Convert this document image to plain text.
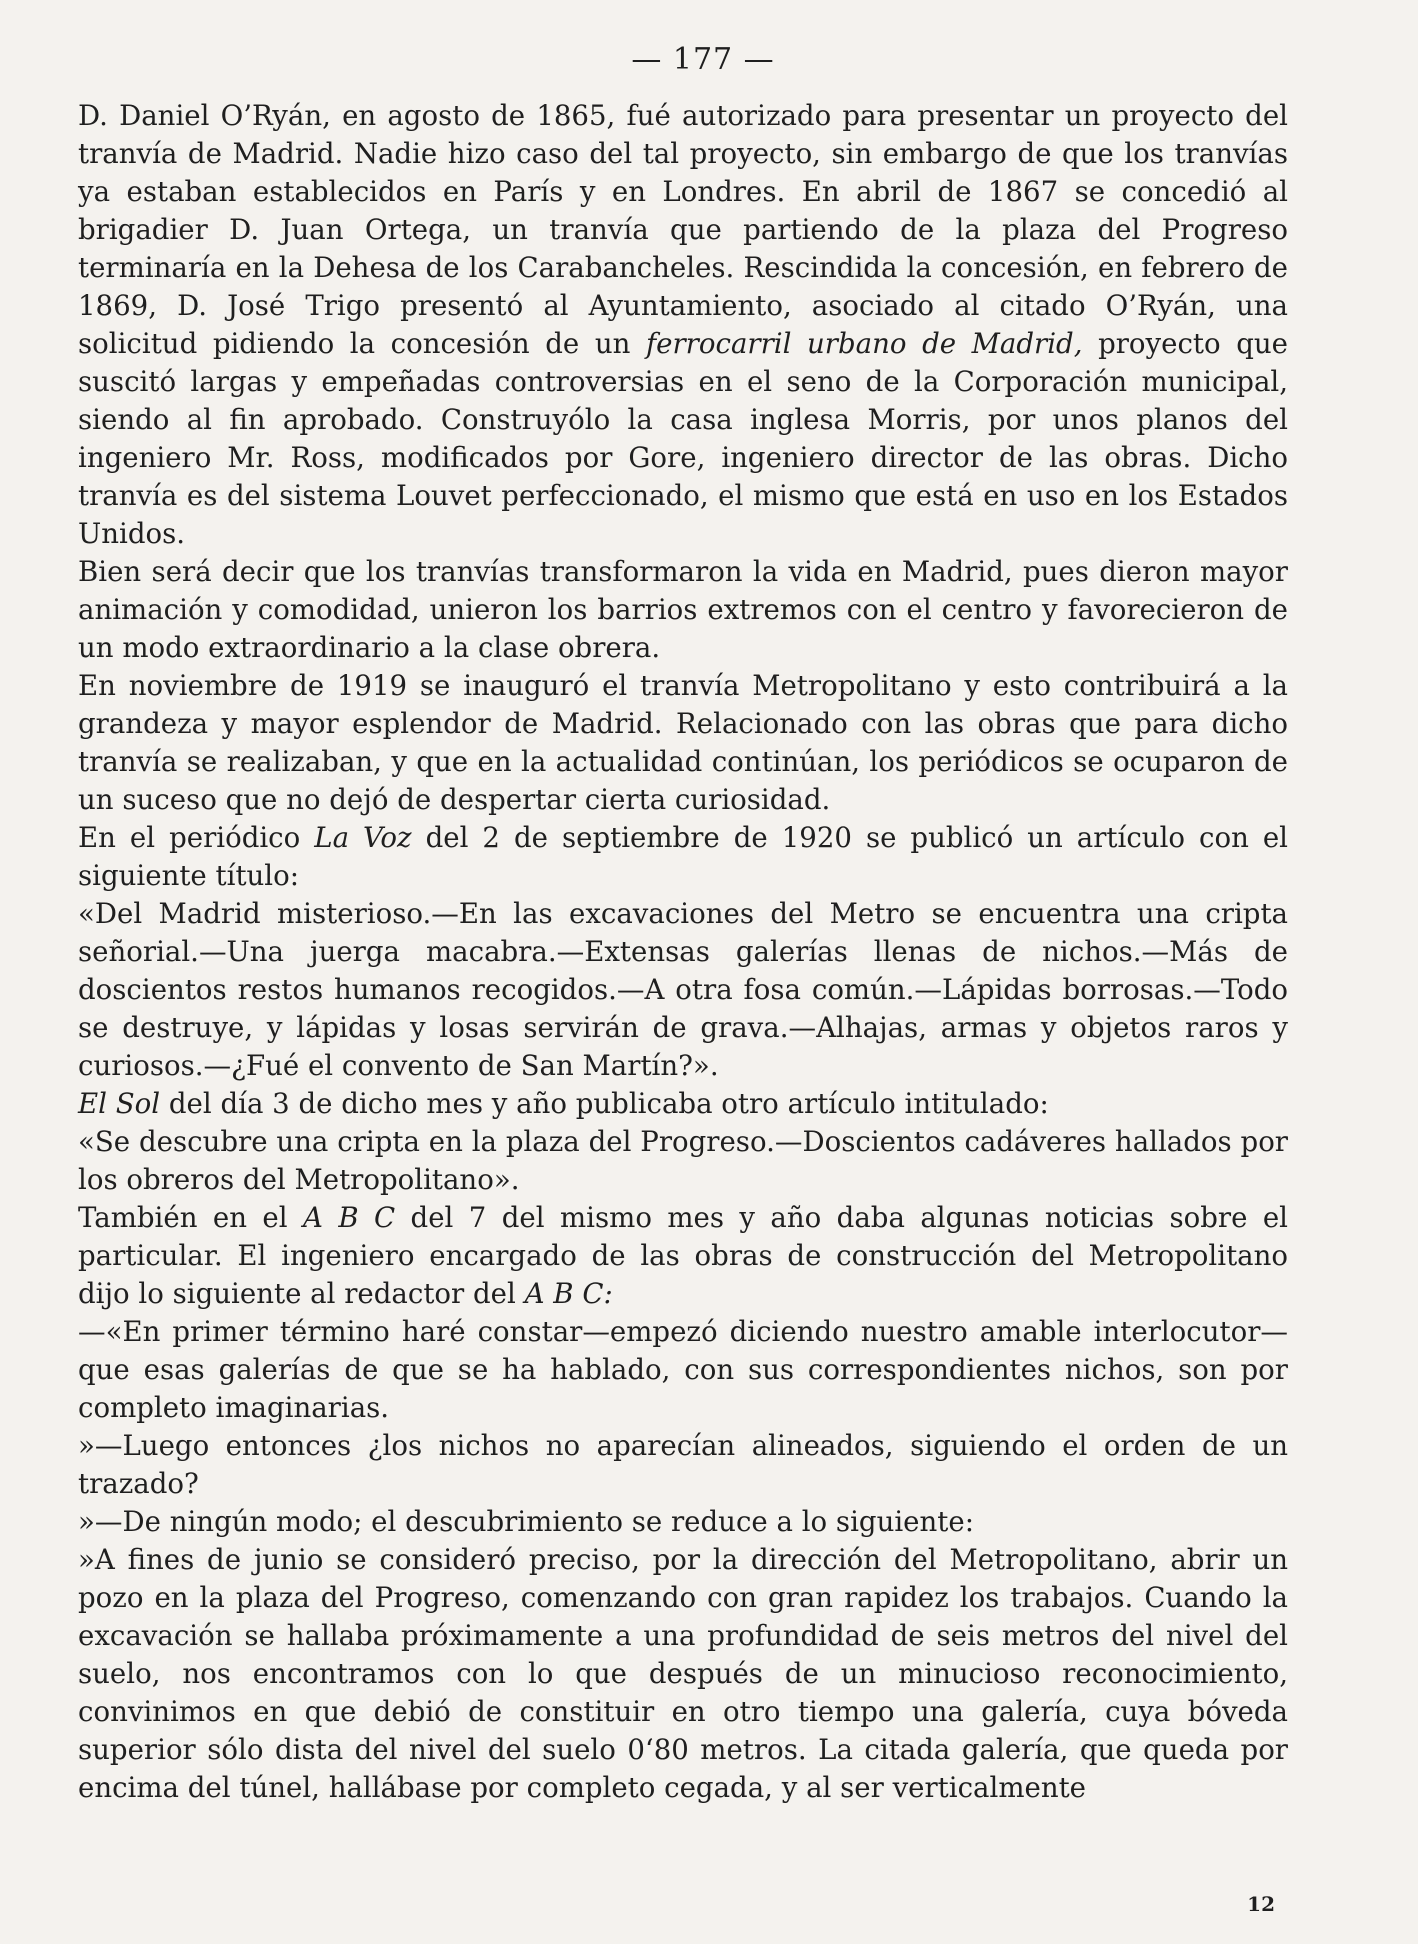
— 177 —

D. Daniel O’Ryán, en agosto de 1865, fué autorizado para presentar un proyecto del tranvía de Madrid. Nadie hizo caso del tal proyecto, sin embargo de que los tranvías ya estaban establecidos en París y en Londres. En abril de 1867 se concedió al brigadier D. Juan Ortega, un tranvía que partiendo de la plaza del Progreso terminaría en la Dehesa de los Carabancheles. Rescindida la concesión, en febrero de 1869, D. José Trigo presentó al Ayuntamiento, asociado al citado O’Ryán, una solicitud pidiendo la concesión de un ferrocarril urbano de Madrid, proyecto que suscitó largas y empeñadas controversias en el seno de la Corporación municipal, siendo al fin aprobado. Construyólo la casa inglesa Morris, por unos planos del ingeniero Mr. Ross, modificados por Gore, ingeniero director de las obras. Dicho tranvía es del sistema Louvet perfeccionado, el mismo que está en uso en los Estados Unidos.

Bien será decir que los tranvías transformaron la vida en Madrid, pues dieron mayor animación y comodidad, unieron los barrios extremos con el centro y favorecieron de un modo extraordinario a la clase obrera.

En noviembre de 1919 se inauguró el tranvía Metropolitano y esto contribuirá a la grandeza y mayor esplendor de Madrid. Relacionado con las obras que para dicho tranvía se realizaban, y que en la actualidad continúan, los periódicos se ocuparon de un suceso que no dejó de despertar cierta curiosidad.

En el periódico La Voz del 2 de septiembre de 1920 se publicó un artículo con el siguiente título:

«Del Madrid misterioso.—En las excavaciones del Metro se encuentra una cripta señorial.—Una juerga macabra.—Extensas galerías llenas de nichos.—Más de doscientos restos humanos recogidos.—A otra fosa común.—Lápidas borrosas.—Todo se destruye, y lápidas y losas servirán de grava.—Alhajas, armas y objetos raros y curiosos.—¿Fué el convento de San Martín?».

El Sol del día 3 de dicho mes y año publicaba otro artículo intitulado:

«Se descubre una cripta en la plaza del Progreso.—Doscientos cadáveres hallados por los obreros del Metropolitano».

También en el A B C del 7 del mismo mes y año daba algunas noticias sobre el particular. El ingeniero encargado de las obras de construcción del Metropolitano dijo lo siguiente al redactor del A B C:

—«En primer término haré constar—empezó diciendo nuestro amable interlocutor—que esas galerías de que se ha hablado, con sus correspondientes nichos, son por completo imaginarias.

»—Luego entonces ¿los nichos no aparecían alineados, siguiendo el orden de un trazado?

»—De ningún modo; el descubrimiento se reduce a lo siguiente:

»A fines de junio se consideró preciso, por la dirección del Metropolitano, abrir un pozo en la plaza del Progreso, comenzando con gran rapidez los trabajos. Cuando la excavación se hallaba próximamente a una profundidad de seis metros del nivel del suelo, nos encontramos con lo que después de un minucioso reconocimiento, convinimos en que debió de constituir en otro tiempo una galería, cuya bóveda superior sólo dista del nivel del suelo 0‘80 metros. La citada galería, que queda por encima del túnel, hallábase por completo cegada, y al ser verticalmente

12
